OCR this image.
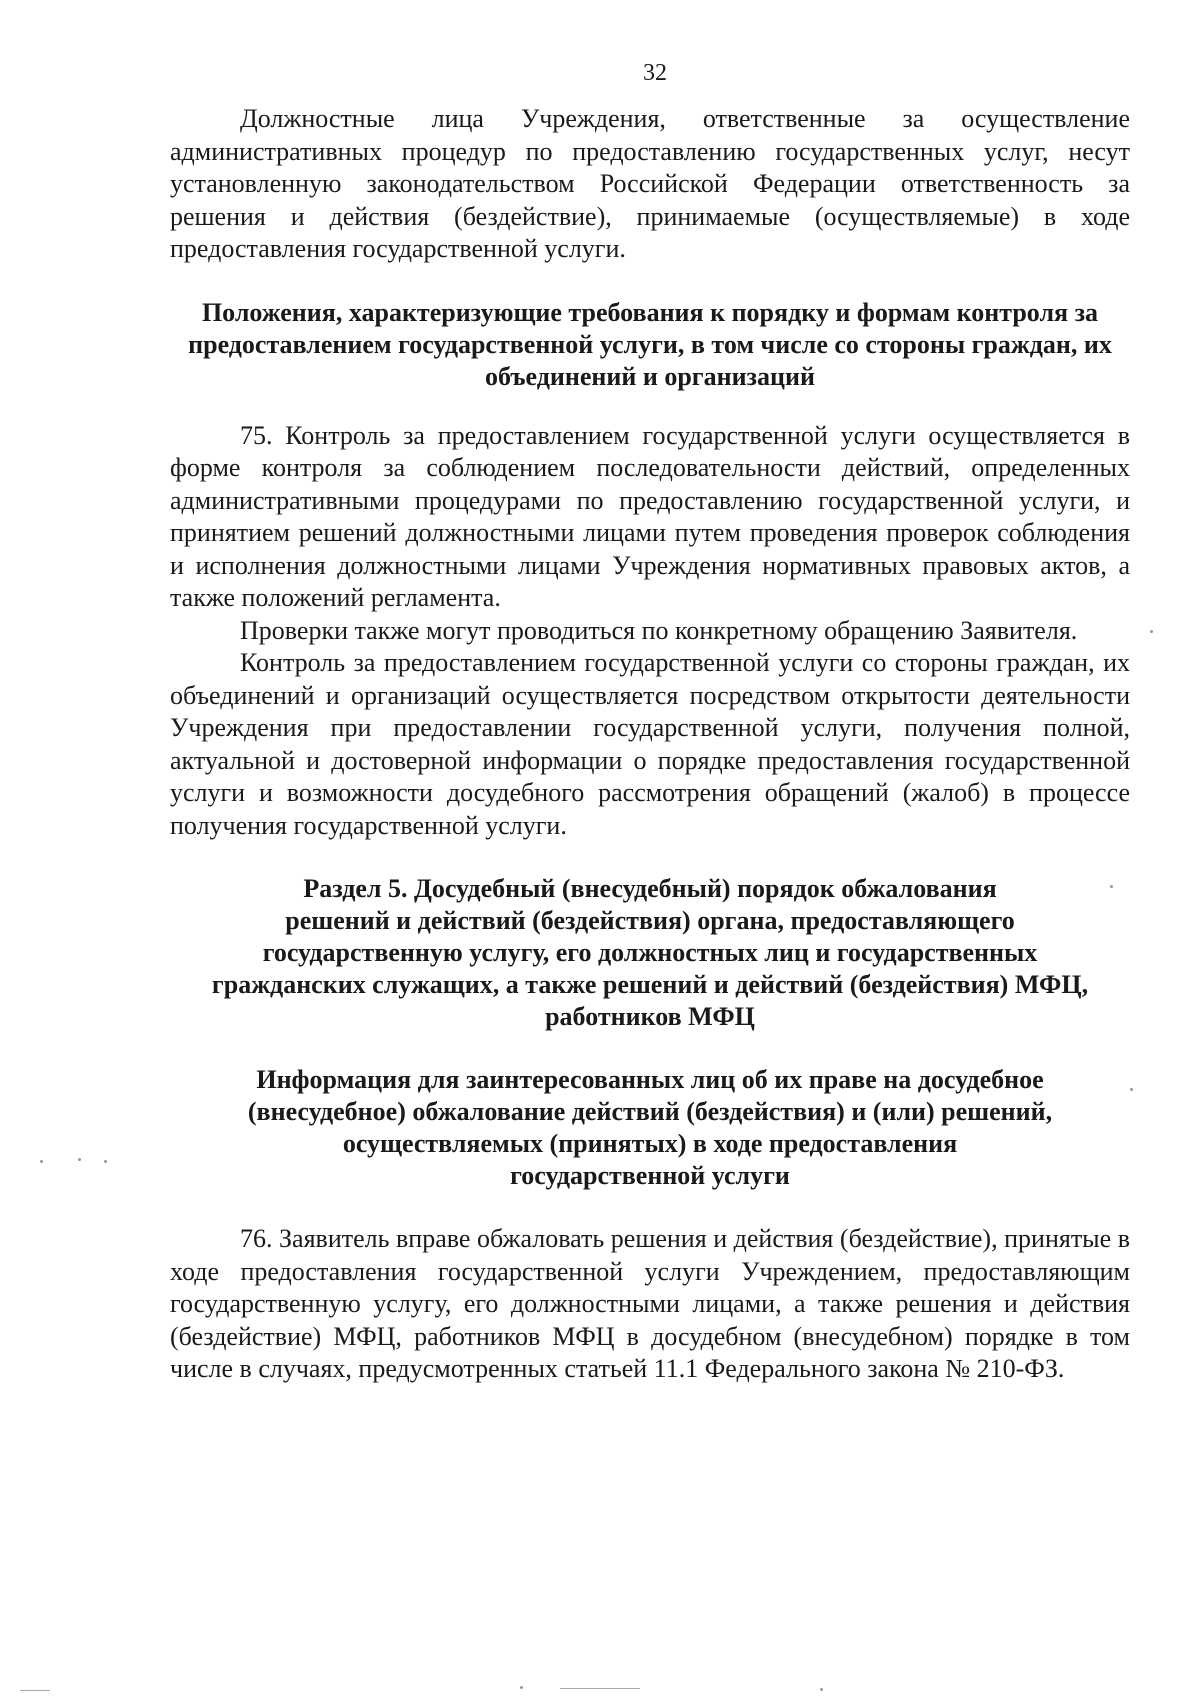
32

Должностные лица Учреждения, ответственные за осуществление административных процедур по предоставлению государственных услуг, несут установленную законодательством Российской Федерации ответственность за решения и действия (бездействие), принимаемые (осуществляемые) в ходе предоставления государственной услуги.

Положения, характеризующие требования к порядку и формам контроля за предоставлением государственной услуги, в том числе со стороны граждан, их объединений и организаций

75. Контроль за предоставлением государственной услуги осуществляется в форме контроля за соблюдением последовательности действий, определенных административными процедурами по предоставлению государственной услуги, и принятием решений должностными лицами путем проведения проверок соблюдения и исполнения должностными лицами Учреждения нормативных правовых актов, а также положений регламента.

Проверки также могут проводиться по конкретному обращению Заявителя.

Контроль за предоставлением государственной услуги со стороны граждан, их объединений и организаций осуществляется посредством открытости деятельности Учреждения при предоставлении государственной услуги, получения полной, актуальной и достоверной информации о порядке предоставления государственной услуги и возможности досудебного рассмотрения обращений (жалоб) в процессе получения государственной услуги.

Раздел 5. Досудебный (внесудебный) порядок обжалования

решений и действий (бездействия) органа, предоставляющего

государственную услугу, его должностных лиц и государственных

гражданских служащих, а также решений и действий (бездействия) МФЦ,

работников МФЦ

Информация для заинтересованных лиц об их праве на досудебное

(внесудебное) обжалование действий (бездействия) и (или) решений,

осуществляемых (принятых) в ходе предоставления

государственной услуги

76. Заявитель вправе обжаловать решения и действия (бездействие), принятые в ходе предоставления государственной услуги Учреждением, предоставляющим государственную услугу, его должностными лицами, а также решения и действия (бездействие) МФЦ, работников МФЦ в досудебном (внесудебном) порядке в том числе в случаях, предусмотренных статьей 11.1 Федерального закона № 210-ФЗ.
